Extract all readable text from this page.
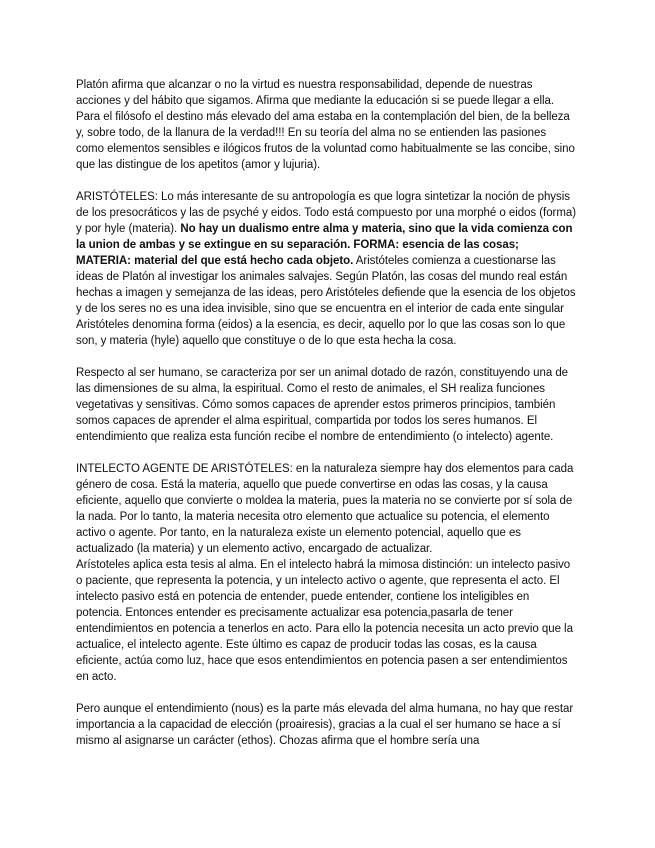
Platón afirma que alcanzar o no la virtud es nuestra responsabilidad, depende de nuestras acciones y del hábito que sigamos. Afirma que mediante la educación si se puede llegar a ella. Para el filósofo el destino más elevado del ama estaba en la contemplación del bien, de la belleza y, sobre todo, de la llanura de la verdad!!! En su teoría del alma no se entienden las pasiones como elementos sensibles e ilógicos frutos de la voluntad como habitualmente se las concibe, sino que las distingue de los apetitos (amor y lujuria).

ARISTÓTELES: Lo más interesante de su antropología es que logra sintetizar la noción de physis de los presocráticos y las de psyché y eidos. Todo está compuesto por una morphé o eidos (forma) y por hyle (materia). No hay un dualismo entre alma y materia, sino que la vida comienza con la union de ambas y se extingue en su separación. FORMA: esencia de las cosas; MATERIA: material del que está hecho cada objeto. Aristóteles comienza a cuestionarse las ideas de Platón al investigar los animales salvajes. Según Platón, las cosas del mundo real están hechas a imagen y semejanza de las ideas, pero Aristóteles defiende que la esencia de los objetos y de los seres no es una idea invisible, sino que se encuentra en el interior de cada ente singular Aristóteles denomina forma (eidos) a la esencia, es decir, aquello por lo que las cosas son lo que son, y materia (hyle) aquello que constituye o de lo que esta hecha la cosa.

Respecto al ser humano, se caracteriza por ser un animal dotado de razón, constituyendo una de las dimensiones de su alma, la espiritual. Como el resto de animales, el SH realiza funciones vegetativas y sensitivas. Cómo somos capaces de aprender estos primeros principios, también somos capaces de aprender el alma espiritual, compartida por todos los seres humanos. El entendimiento que realiza esta función recibe el nombre de entendimiento (o intelecto) agente.

INTELECTO AGENTE DE ARISTÓTELES: en la naturaleza siempre hay dos elementos para cada género de cosa. Está la materia, aquello que puede convertirse en odas las cosas, y la causa eficiente, aquello que convierte o moldea la materia, pues la materia no se convierte por sí sola de la nada. Por lo tanto, la materia necesita otro elemento que actualice su potencia, el elemento activo o agente. Por tanto, en la naturaleza existe un elemento potencial, aquello que es actualizado (la materia) y un elemento activo, encargado de actualizar.

Arístoteles aplica esta tesis al alma. En el intelecto habrá la mimosa distinción: un intelecto pasivo o paciente, que representa la potencia, y un intelecto activo o agente, que representa el acto. El intelecto pasivo está en potencia de entender, puede entender, contiene los inteligibles en potencia. Entonces entender es precisamente actualizar esa potencia,pasarla de tener entendimientos en potencia a tenerlos en acto. Para ello la potencia necesita un acto previo que la actualice, el intelecto agente. Este último es capaz de producir todas las cosas, es la causa eficiente, actúa como luz, hace que esos entendimientos en potencia pasen a ser entendimientos en acto.

Pero aunque el entendimiento (nous) es la parte más elevada del alma humana, no hay que restar importancia a la capacidad de elección (proairesis), gracias a la cual el ser humano se hace a sí mismo al asignarse un carácter (ethos). Chozas afirma que el hombre sería una
